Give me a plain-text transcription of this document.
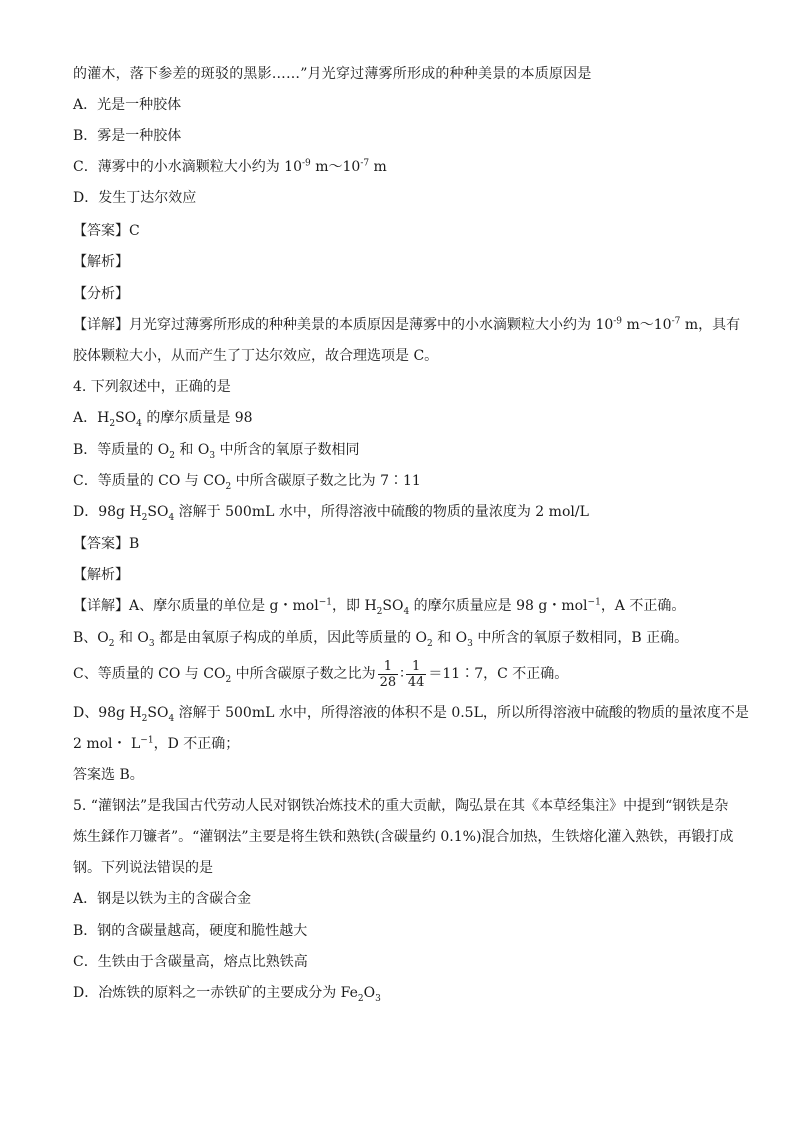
的灌木，落下参差的斑驳的黑影……”月光穿过薄雾所形成的种种美景的本质原因是
A．光是一种胶体
B．雾是一种胶体
C．薄雾中的小水滴颗粒大小约为 $10^{-9}$ $m\sim 10^{-7}$ m
D．发生丁达尔效应
【答案】C
【解析】
【分析】
【详解】月光穿过薄雾所形成的种种美景的本质原因是薄雾中的小水滴颗粒大小约为 $10^{-9}$ $m\sim 10^{-7}$ m，具有
胶体颗粒大小，从而产生了丁达尔效应，故合理选项是 C。
4. 下列叙述中，正确的是
A．$H_2SO_4$ 的摩尔质量是 98
B．等质量的 $O_2$ 和 $O_3$ 中所含的氧原子数相同
C．等质量的 CO 与 $CO_2$ 中所含碳原子数之比为 7∶11
D．98g $H_2SO_4$ 溶解于 500mL 水中，所得溶液中硫酸的物质的量浓度为 2 mol/L
【答案】B
【解析】
【详解】A、摩尔质量的单位是 g・mol$^{-1}$，即 $H_2SO_4$ 的摩尔质量应是 98 g・mol$^{-1}$，A 不正确。
B、$O_2$ 和 $O_3$ 都是由氧原子构成的单质，因此等质量的 $O_2$ 和 $O_3$ 中所含的氧原子数相同，B 正确。
C、等质量的 CO 与 $CO_2$ 中所含碳原子数之比为 $\frac{1}{28}$ ∶ $\frac{1}{44}$ ＝11∶7，C 不正确。
D、98g $H_2SO_4$ 溶解于 500mL 水中，所得溶液的体积不是 0.5L，所以所得溶液中硫酸的物质的量浓度不是
2 mol・ $L^{-1}$，D 不正确；
答案选 B。
5. “灌钢法”是我国古代劳动人民对钢铁冶炼技术的重大贡献，陶弘景在其《本草经集注》中提到“钢铁是杂
炼生鍒作刀镰者”。“灌钢法”主要是将生铁和熟铁(含碳量约 0.1%)混合加热，生铁熔化灌入熟铁，再锻打成
钢。下列说法错误的是
A．钢是以铁为主的含碳合金
B．钢的含碳量越高，硬度和脆性越大
C．生铁由于含碳量高，熔点比熟铁高
D．冶炼铁的原料之一赤铁矿的主要成分为 $Fe_2O_3$
